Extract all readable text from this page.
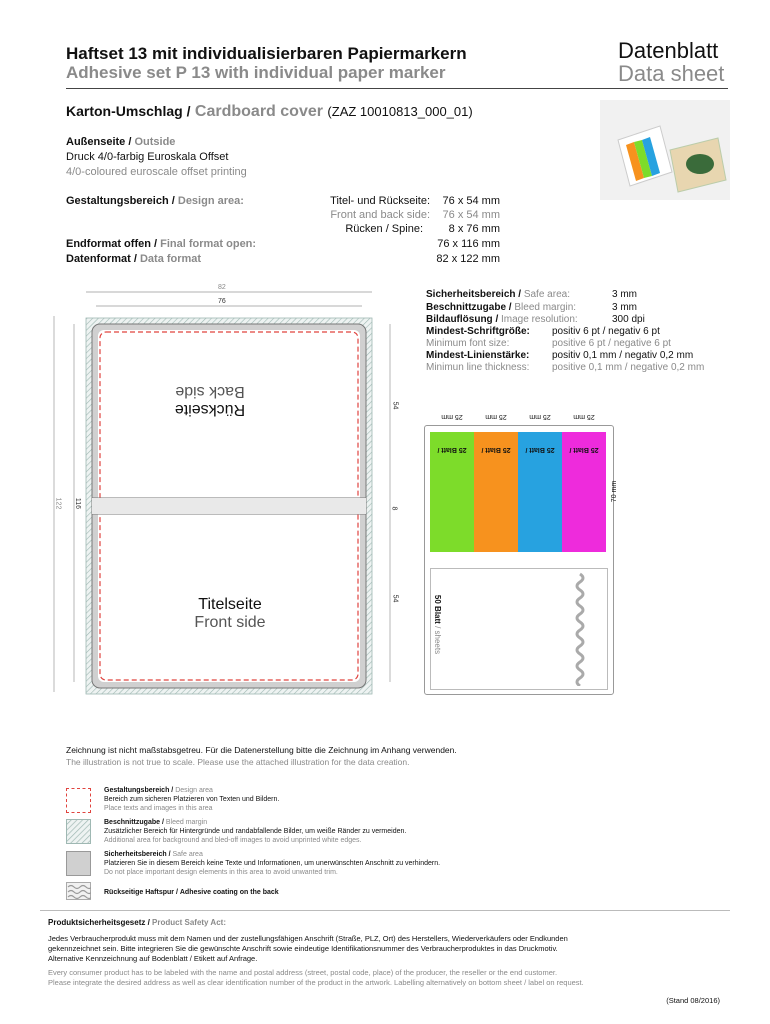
Haftset 13 mit individualisierbaren Papiermarkern
Adhesive set P 13 with individual paper marker
Datenblatt
Data sheet
Karton-Umschlag / Cardboard cover (ZAZ 10010813_000_01)
Außenseite / Outside
Druck 4/0-farbig Euroskala Offset
4/0-coloured euroscale offset printing
Gestaltungsbereich / Design area:	Titel- und Rückseite:	76 x 54 mm
Front and back side:	76 x 54 mm
Rücken / Spine:	8 x 76 mm
Endformat offen / Final format open:	76 x 116 mm
Datenformat / Data format	82 x 122 mm
82
76
122 116
54
8
54
Rückseite
Back side
Titelseite
Front side
Sicherheitsbereich / Safe area:	3 mm
Beschnittzugabe / Bleed margin:	3 mm
Bildauflösung / Image resolution:	300 dpi
Mindest-Schriftgröße: positiv 6 pt / negativ 6 pt
Minimum font size:	positive 6 pt / negative 6 pt
Mindest-Linienstärke: positiv 0,1 mm / negativ 0,2 mm
Minimun line thickness: positive 0,1 mm / negative 0,2 mm
25 mm	25 mm	25 mm	25 mm
25 Blatt /	25 Blatt /	25 Blatt /	25 Blatt /
70 mm
50 Blatt / sheets
Zeichnung ist nicht maßstabsgetreu. Für die Datenerstellung bitte die Zeichnung im Anhang verwenden.
The illustration is not true to scale. Please use the attached illustration for the data creation.
Gestaltungsbereich / Design area
Bereich zum sicheren Platzieren von Texten und Bildern.
Place texts and images in this area
Beschnittzugabe / Bleed margin
Zusätzlicher Bereich für Hintergründe und randabfallende Bilder, um weiße Ränder zu vermeiden.
Additional area for background and bled-off images to avoid unprinted white edges.
Sicherheitsbereich / Safe area
Platzieren Sie in diesem Bereich keine Texte und Informationen, um unerwünschten Anschnitt zu verhindern.
Do not place important design elements in this area to avoid unwanted trim.
Rückseitige Haftspur / Adhesive coating on the back
Produktsicherheitsgesetz / Product Safety Act:
Jedes Verbraucherprodukt muss mit dem Namen und der zustellungsfähigen Anschrift (Straße, PLZ, Ort) des Herstellers, Wiederverkäufers oder Endkunden
gekennzeichnet sein. Bitte integrieren Sie die gewünschte Anschrift sowie eindeutige Identifikationsnummer des Verbraucherproduktes in das Druckmotiv.
Alternative Kennzeichnung auf Bodenblatt / Etikett auf Anfrage.
Every consumer product has to be labeled with the name and postal address (street, postal code, place) of the producer, the reseller or the end customer.
Please integrate the desired address as well as clear identification number of the product in the artwork. Labelling alternatively on bottom sheet / label on request.
(Stand 08/2016)
